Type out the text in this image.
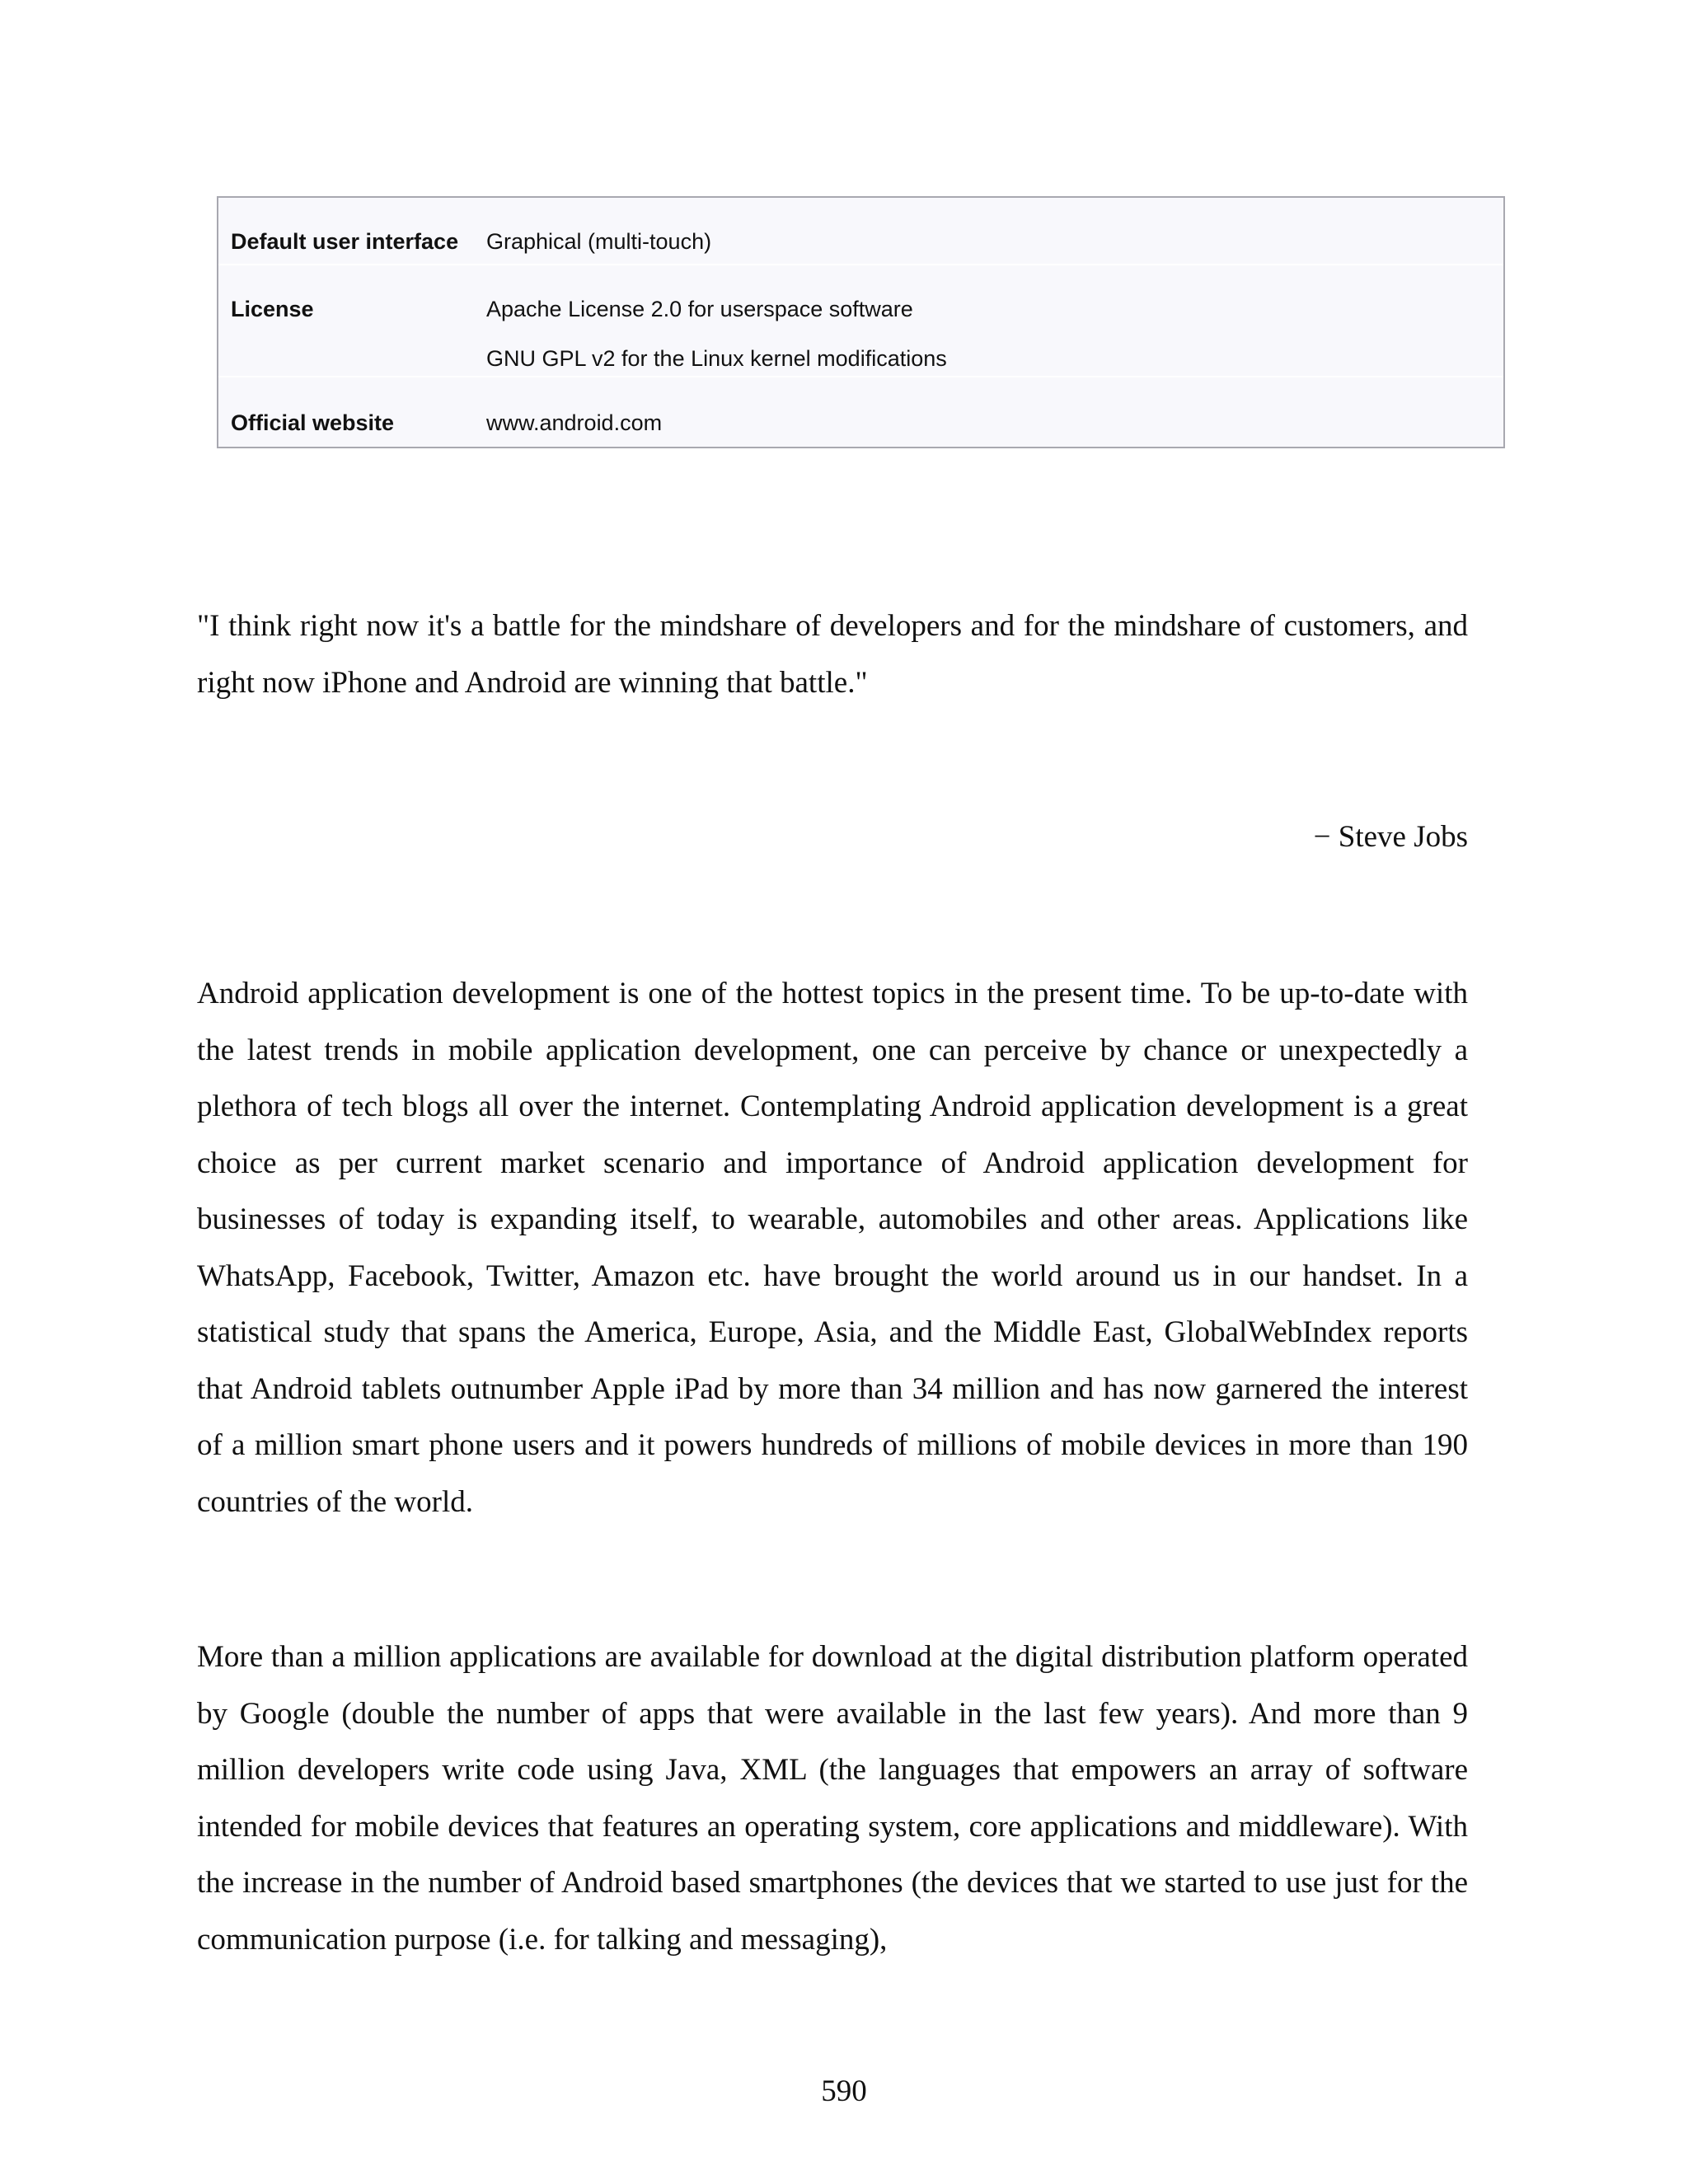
Default user interface Graphical (multi-touch)
License	Apache License 2.0 for userspace software
GNU GPL v2 for the Linux kernel modifications
Official website	www.android.com
"I think right now it's a battle for the mindshare of developers and for the mindshare of customers, and right now iPhone and Android are winning that battle."
− Steve Jobs
Android application development is one of the hottest topics in the present time. To be up-to-date with the latest trends in mobile application development, one can perceive by chance or unexpectedly a plethora of tech blogs all over the internet. Contemplating Android application development is a great choice as per current market scenario and importance of Android application development for businesses of today is expanding itself, to wearable, automobiles and other areas. Applications like WhatsApp, Facebook, Twitter, Amazon etc. have brought the world around us in our handset. In a statistical study that spans the America, Europe, Asia, and the Middle East, GlobalWebIndex reports that Android tablets outnumber Apple iPad by more than 34 million and has now garnered the interest of a million smart phone users and it powers hundreds of millions of mobile devices in more than 190 countries of the world.
More than a million applications are available for download at the digital distribution platform operated by Google (double the number of apps that were available in the last few years). And more than 9 million developers write code using Java, XML (the languages that empowers an array of software intended for mobile devices that features an operating system, core applications and middleware). With the increase in the number of Android based smartphones (the devices that we started to use just for the communication purpose (i.e. for talking and messaging),
590
